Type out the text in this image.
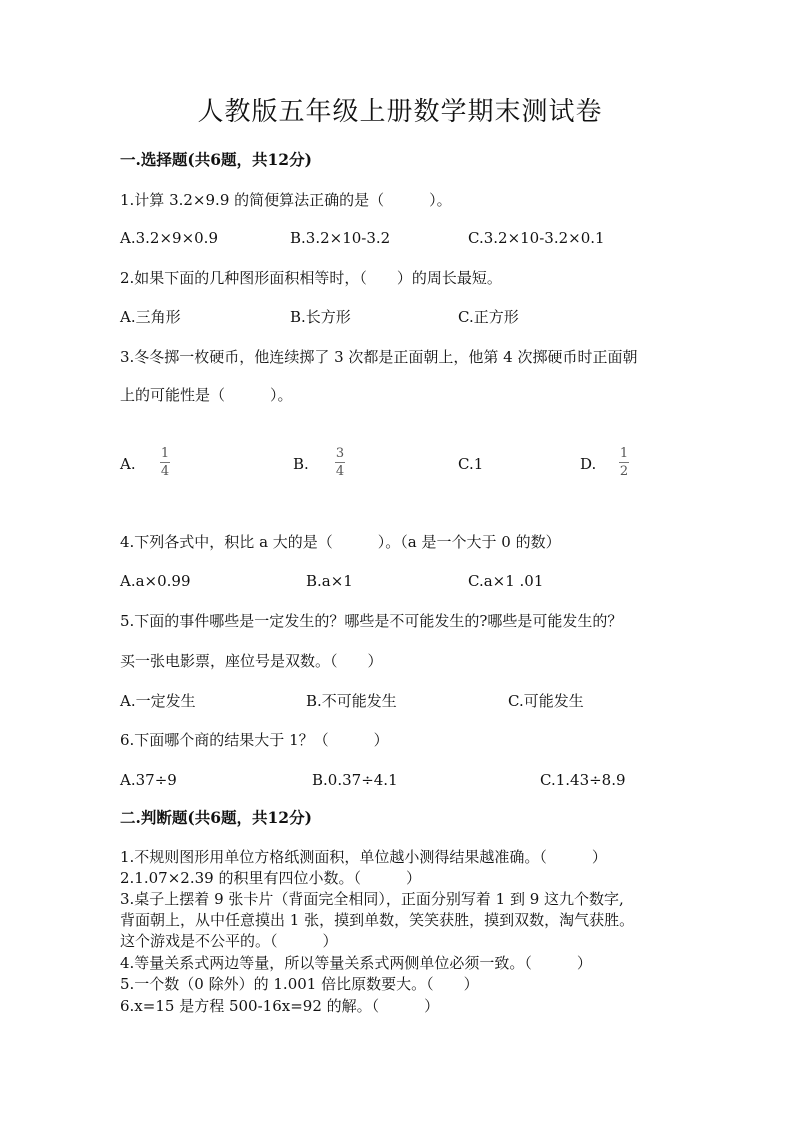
人教版五年级上册数学期末测试卷
一.选择题(共6题，共12分)
1.计算 3.2×9.9 的简便算法正确的是（　　　）。
A.3.2×9×0.9	B.3.2×10-3.2	C.3.2×10-3.2×0.1
2.如果下面的几种图形面积相等时，（　　）的周长最短。
A.三角形	B.长方形	C.正方形
3.冬冬掷一枚硬币，他连续掷了 3 次都是正面朝上，他第 4 次掷硬币时正面朝
上的可能性是（　　　）。
A.
1
4	B.
3
4	C.1	D.
1
2
4.下列各式中，积比 a 大的是（　　　）。（a 是一个大于 0 的数）
A.a×0.99	B.a×1	C.a×1 .01
5.下面的事件哪些是一定发生的？哪些是不可能发生的?哪些是可能发生的？
买一张电影票，座位号是双数。（　　）
A.一定发生	B.不可能发生	C.可能发生
6.下面哪个商的结果大于 1？（　　　）
A.37÷9	B.0.37÷4.1	C.1.43÷8.9
二.判断题(共6题，共12分)
1.不规则图形用单位方格纸测面积，单位越小测得结果越准确。（　　　）
2.1.07×2.39 的积里有四位小数。（　　　）
3.桌子上摆着 9 张卡片（背面完全相同），正面分别写着 1 到 9 这九个数字,
背面朝上，从中任意摸出 1 张，摸到单数，笑笑获胜，摸到双数，淘气获胜。
这个游戏是不公平的。（　　　）
4.等量关系式两边等量，所以等量关系式两侧单位必须一致。（　　　）
5.一个数（0 除外）的 1.001 倍比原数要大。（　　）
6.x=15 是方程 500-16x=92 的解。（　　　）
